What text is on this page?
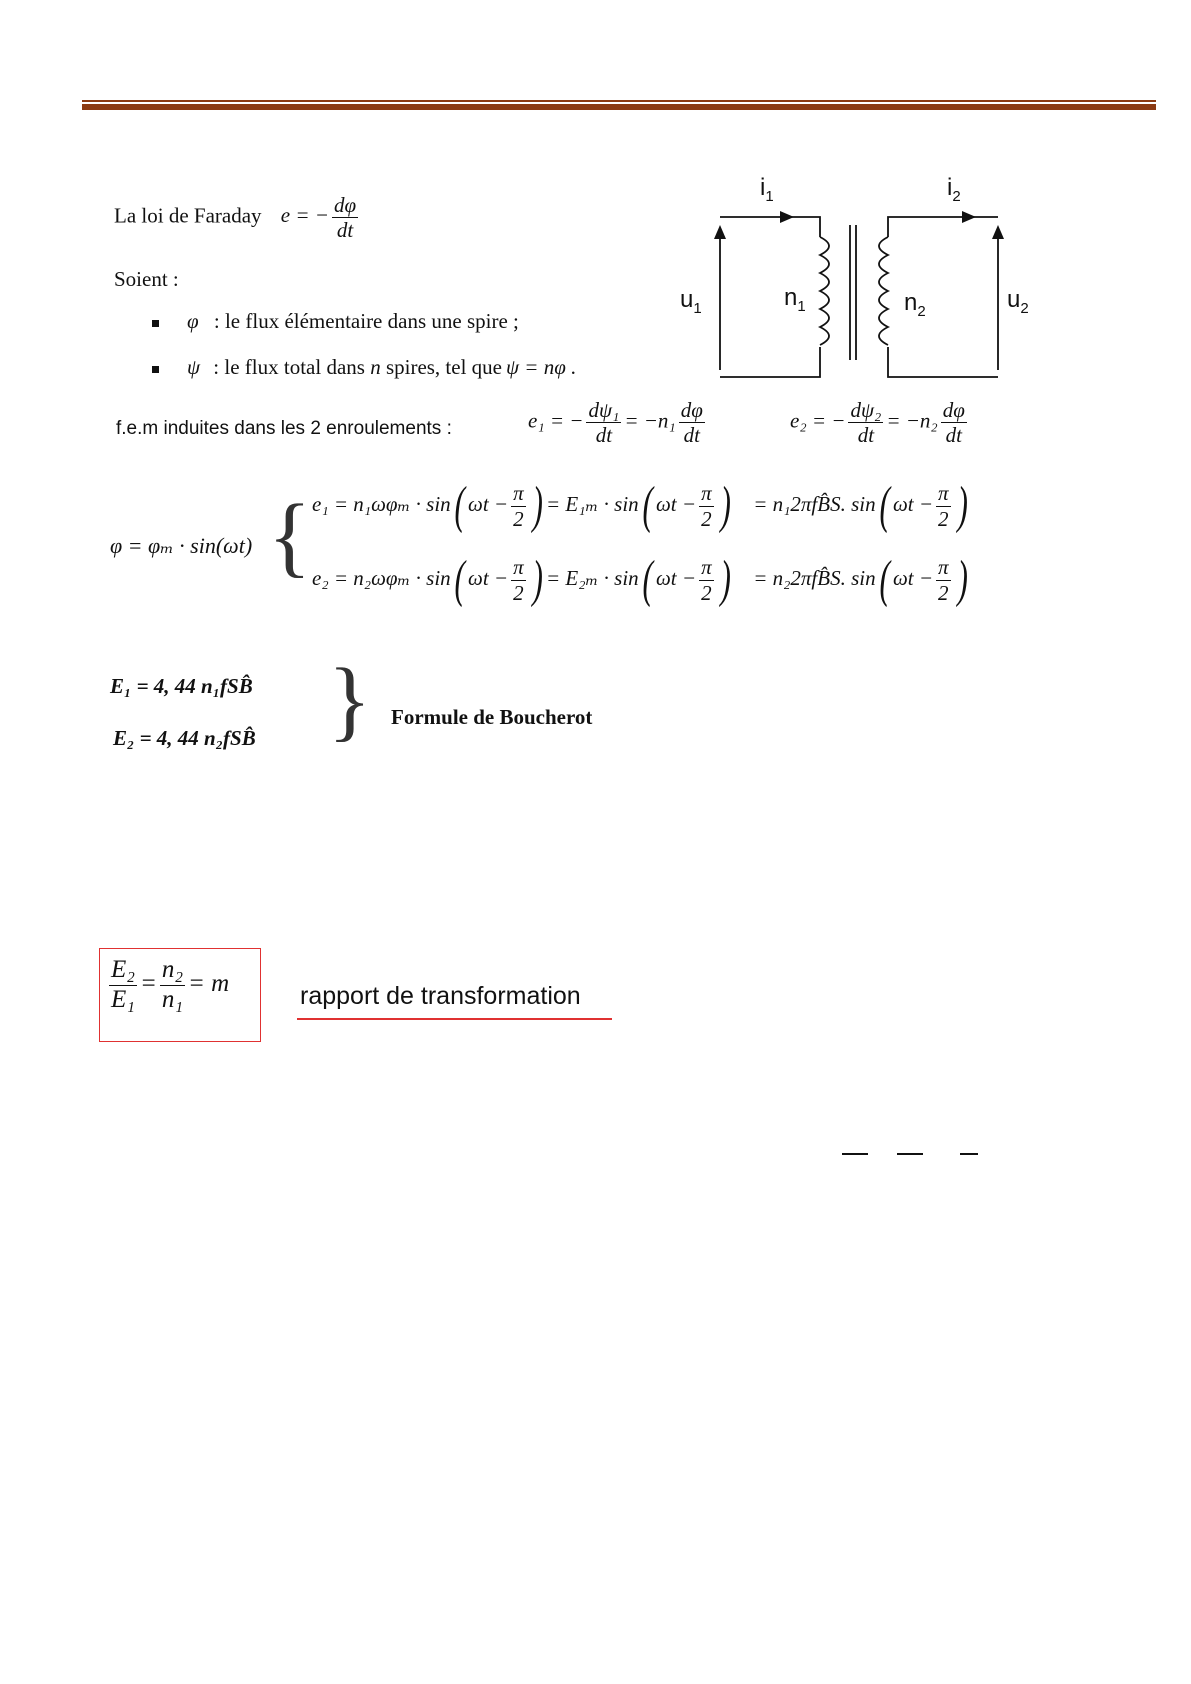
La loi de Faraday e = − $\frac{d\varphi}{dt}$
Soient :
φ : le flux élémentaire dans une spire ;
ψ : le flux total dans n spires, tel que ψ = nφ .
$i_1$	$i_2$
$u_1$	$u_2$
$n_1$	$n_2$
f.e.m induites dans les 2 enroulements :	e₁ = − $\frac{\text{dψ₁}}{dt} = -n_1 \frac{d\varphi}{dt}$	e₂ = − $\frac{\text{dψ₂}}{dt} = -n_2 \frac{d\varphi}{dt}$
φ = φₘ · sin(ωt) { e₁ = n₁ωφₘ · sin( $\omega t - \frac{\pi}{2}$ ) = E₁ₘ · sin( $\omega t - \frac{\pi}{2}$ ) = n₁2πfB̂S. sin( $\omega t - \frac{\pi}{2}$ )
e₂ = n₂ωφₘ · sin( $\omega t - \frac{\pi}{2}$ ) = E₂ₘ · sin( $\omega t - \frac{\pi}{2}$ ) = n₂2πfB̂S. sin( $\omega t - \frac{\pi}{2}$ )
E₁ = 4, 44 n₁fSB̂
E₂ = 4, 44 n₂fSB̂ } Formule de Boucherot
$\frac{\text{E₂}}{\text{E₁}} = \frac{\text{n₂}}{\text{n₁}} = m$	rapport de transformation
